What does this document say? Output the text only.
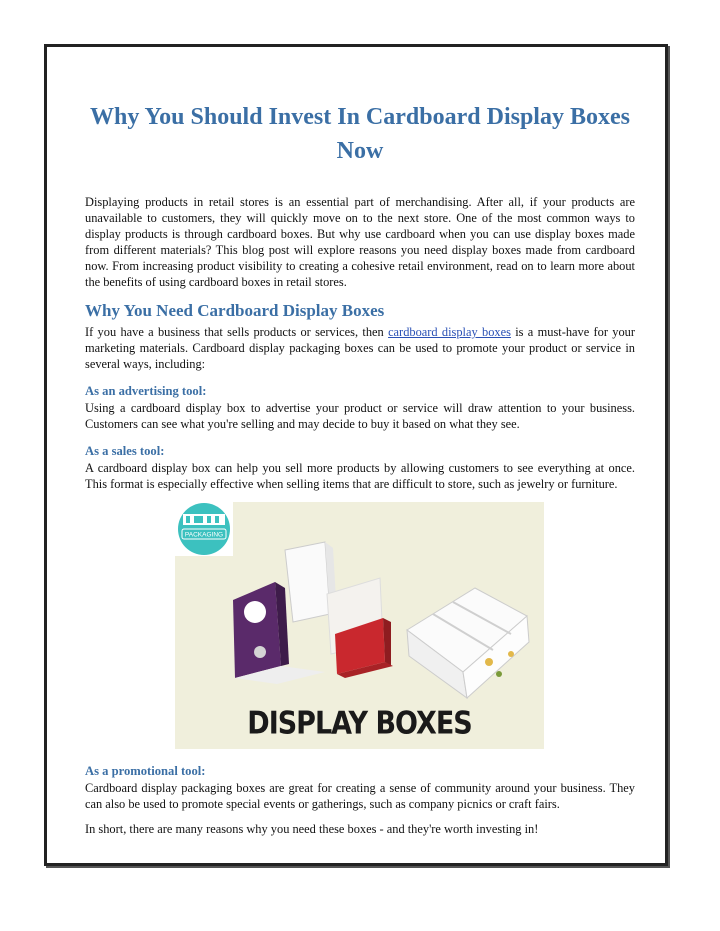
Why You Should Invest In Cardboard Display Boxes Now

Displaying products in retail stores is an essential part of merchandising. After all, if your products are unavailable to customers, they will quickly move on to the next store. One of the most common ways to display products is through cardboard boxes. But why use cardboard when you can use display boxes made from different materials? This blog post will explore reasons you need display boxes made from cardboard now. From increasing product visibility to creating a cohesive retail environment, read on to learn more about the benefits of using cardboard boxes in retail stores.

Why You Need Cardboard Display Boxes

If you have a business that sells products or services, then cardboard display boxes is a must-have for your marketing materials. Cardboard display packaging boxes can be used to promote your product or service in several ways, including:

As an advertising tool:

Using a cardboard display box to advertise your product or service will draw attention to your business. Customers can see what you're selling and may decide to buy it based on what they see.

As a sales tool:

A cardboard display box can help you sell more products by allowing customers to see everything at once. This format is especially effective when selling items that are difficult to store, such as jewelry or furniture.

PACKAGING
DISPLAY BOXES
As a promotional tool:

Cardboard display packaging boxes are great for creating a sense of community around your business. They can also be used to promote special events or gatherings, such as company picnics or craft fairs.

In short, there are many reasons why you need these boxes - and they're worth investing in!
